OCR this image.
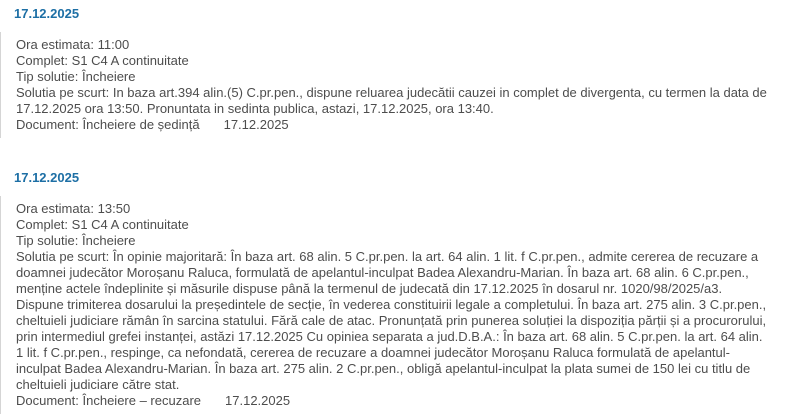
17.12.2025

Ora estimata: 11:00

Complet: S1 C4 A continuitate

Tip solutie: Încheiere

Solutia pe scurt: In baza art.394 alin.(5) C.pr.pen., dispune reluarea judecătii cauzei in complet de divergenta, cu termen la data de 17.12.2025 ora 13:50. Pronuntata in sedinta publica, astazi, 17.12.2025, ora 13:40.

Document: Încheiere de ședință 17.12.2025

17.12.2025

Ora estimata: 13:50

Complet: S1 C4 A continuitate

Tip solutie: Încheiere

Solutia pe scurt: În opinie majoritară: În baza art. 68 alin. 5 C.pr.pen. la art. 64 alin. 1 lit. f C.pr.pen., admite cererea de recuzare a doamnei judecător Moroșanu Raluca, formulată de apelantul-inculpat Badea Alexandru-Marian. În baza art. 68 alin. 6 C.pr.pen., menține actele îndeplinite și măsurile dispuse până la termenul de judecată din 17.12.2025 în dosarul nr. 1020/98/2025/a3. Dispune trimiterea dosarului la președintele de secție, în vederea constituirii legale a completului. În baza art. 275 alin. 3 C.pr.pen., cheltuieli judiciare rămân în sarcina statului. Fără cale de atac. Pronunțată prin punerea soluției la dispoziția părții și a procurorului, prin intermediul grefei instanței, astăzi 17.12.2025 Cu opiniea separata a jud.D.B.A.: În baza art. 68 alin. 5 C.pr.pen. la art. 64 alin. 1 lit. f C.pr.pen., respinge, ca nefondată, cererea de recuzare a doamnei judecător Moroșanu Raluca formulată de apelantul-inculpat Badea Alexandru-Marian. În baza art. 275 alin. 2 C.pr.pen., obligă apelantul-inculpat la plata sumei de 150 lei cu titlu de cheltuieli judiciare către stat.

Document: Încheiere – recuzare 17.12.2025
